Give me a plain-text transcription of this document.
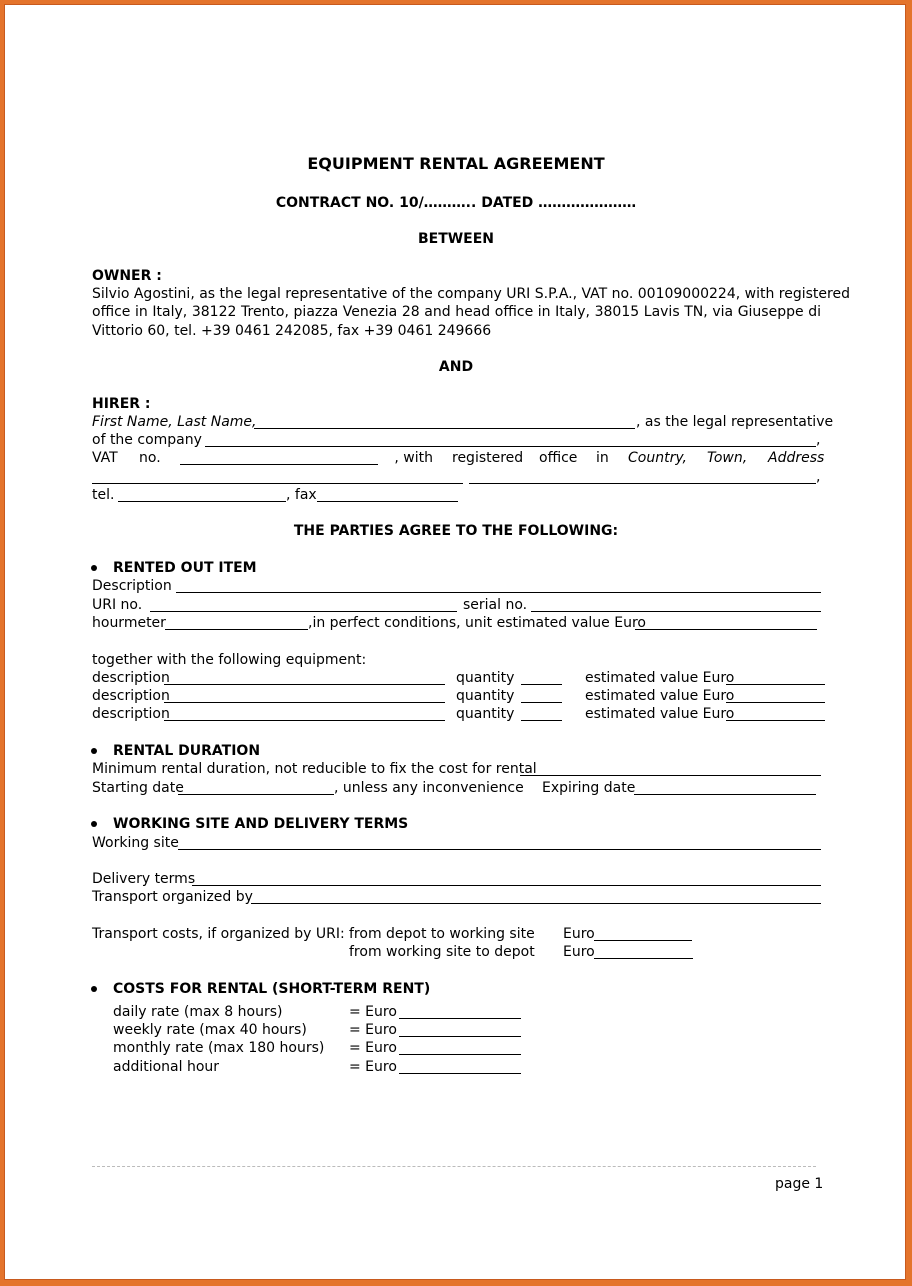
EQUIPMENT RENTAL AGREEMENT
CONTRACT NO. 10/……….. DATED …………………
BETWEEN
OWNER :
Silvio Agostini, as the legal representative of the company URI S.P.A., VAT no. 00109000224, with registered
office in Italy, 38122 Trento, piazza Venezia 28 and head office in Italy, 38015 Lavis TN, via Giuseppe di
Vittorio 60, tel. +39 0461 242085, fax +39 0461 249666
AND
HIRER :
First Name, Last Name,	, as the legal representative
of the company	,
VAT no.	, with registered office in Country, Town, Address
,
tel.	, fax
THE PARTIES AGREE TO THE FOLLOWING:
RENTED OUT ITEM
Description
URI no.	serial no.
hourmeter	,in perfect conditions, unit estimated value Euro
together with the following equipment:
description	quantity	estimated value Euro
description	quantity	estimated value Euro
description	quantity	estimated value Euro
RENTAL DURATION
Minimum rental duration, not reducible to fix the cost for rental
Starting date	, unless any inconvenience Expiring date
WORKING SITE AND DELIVERY TERMS
Working site
Delivery terms
Transport organized by
Transport costs, if organized by URI: from depot to working site Euro
from working site to depot Euro
COSTS FOR RENTAL (SHORT-TERM RENT)
daily rate (max 8 hours)	= Euro
weekly rate (max 40 hours)	= Euro
monthly rate (max 180 hours) = Euro
additional hour	= Euro
page 1
